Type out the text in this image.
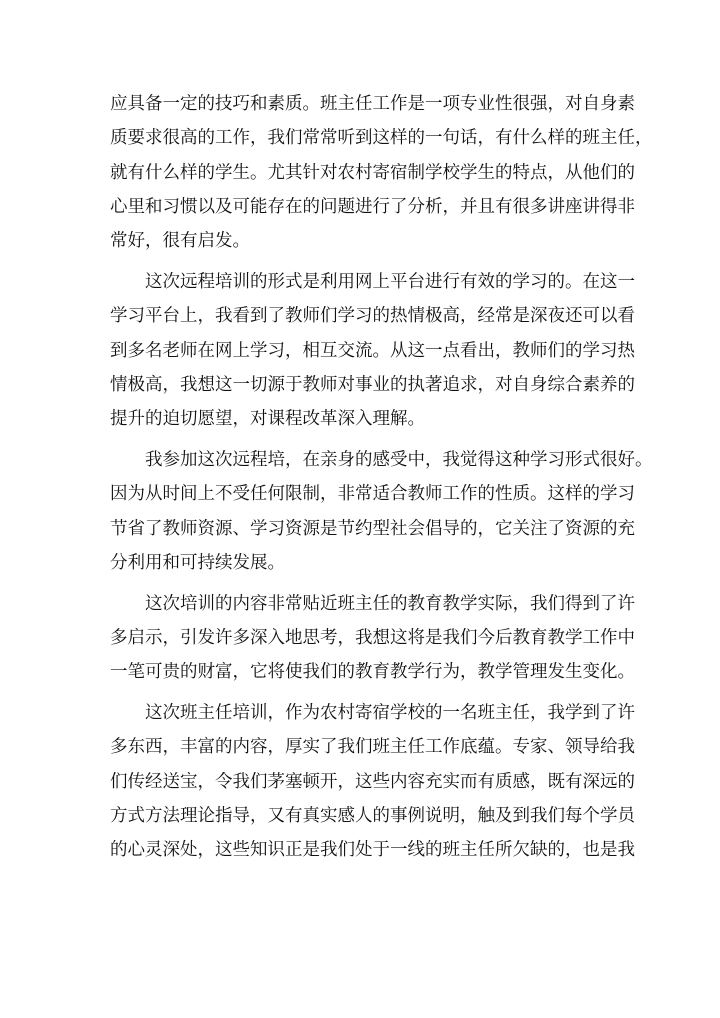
应具备一定的技巧和素质。班主任工作是一项专业性很强，对自身素
质要求很高的工作，我们常常听到这样的一句话，有什么样的班主任，
就有什么样的学生。尤其针对农村寄宿制学校学生的特点，从他们的
心里和习惯以及可能存在的问题进行了分析，并且有很多讲座讲得非
常好，很有启发。

　　这次远程培训的形式是利用网上平台进行有效的学习的。在这一
学习平台上，我看到了教师们学习的热情极高，经常是深夜还可以看
到多名老师在网上学习，相互交流。从这一点看出，教师们的学习热
情极高，我想这一切源于教师对事业的执著追求，对自身综合素养的
提升的迫切愿望，对课程改革深入理解。

　　我参加这次远程培，在亲身的感受中，我觉得这种学习形式很好。
因为从时间上不受任何限制，非常适合教师工作的性质。这样的学习
节省了教师资源、学习资源是节约型社会倡导的，它关注了资源的充
分利用和可持续发展。

　　这次培训的内容非常贴近班主任的教育教学实际，我们得到了许
多启示，引发许多深入地思考，我想这将是我们今后教育教学工作中
一笔可贵的财富，它将使我们的教育教学行为，教学管理发生变化。

　　这次班主任培训，作为农村寄宿学校的一名班主任，我学到了许
多东西，丰富的内容，厚实了我们班主任工作底蕴。专家、领导给我
们传经送宝，令我们茅塞顿开，这些内容充实而有质感，既有深远的
方式方法理论指导，又有真实感人的事例说明，触及到我们每个学员
的心灵深处，这些知识正是我们处于一线的班主任所欠缺的，也是我
